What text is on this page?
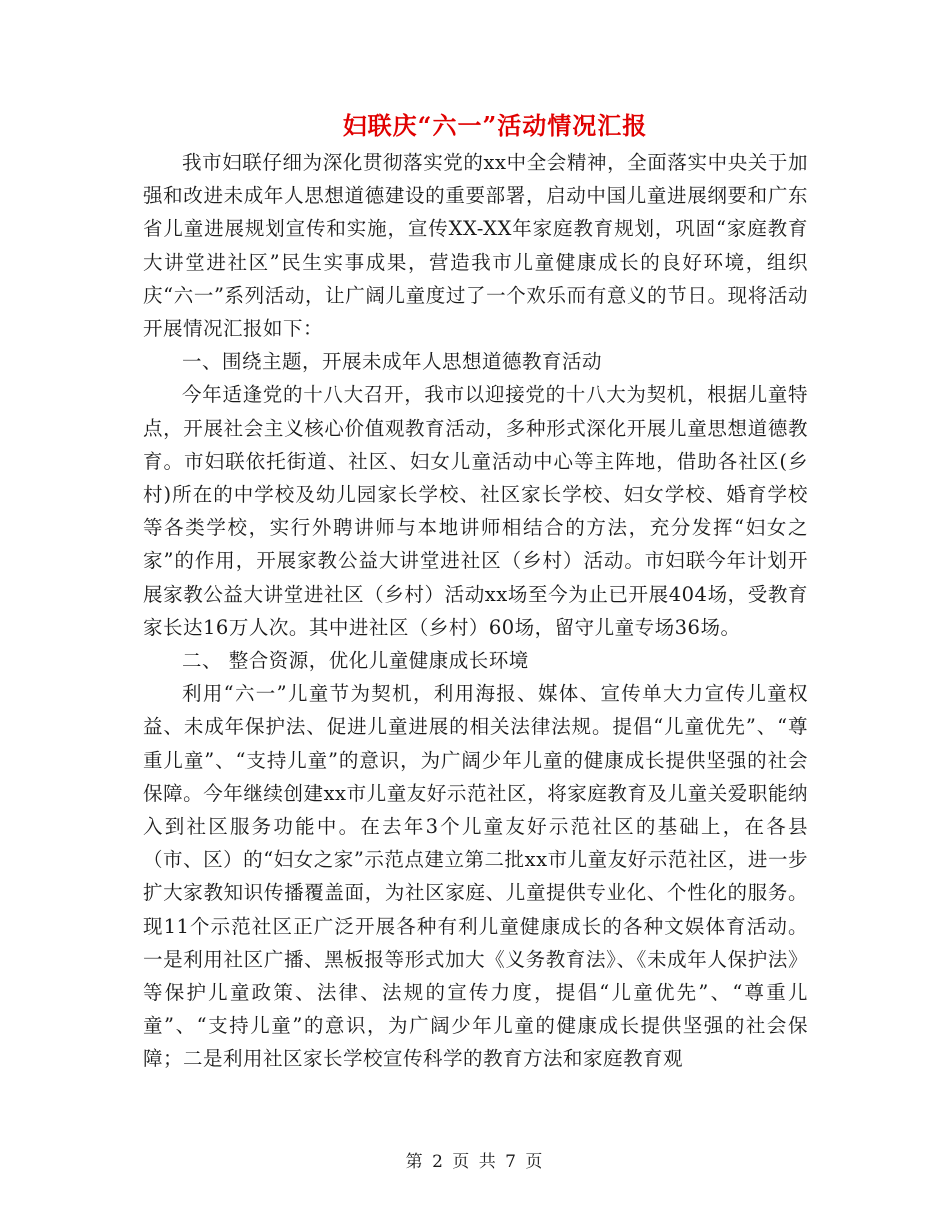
妇联庆“六一”活动情况汇报

我市妇联仔细为深化贯彻落实党的xx中全会精神，全面落实中央关于加强和改进未成年人思想道德建设的重要部署，启动中国儿童进展纲要和广东省儿童进展规划宣传和实施，宣传XX-XX年家庭教育规划，巩固“家庭教育大讲堂进社区”民生实事成果，营造我市儿童健康成长的良好环境，组织庆“六一”系列活动，让广阔儿童度过了一个欢乐而有意义的节日。现将活动开展情况汇报如下：

一、围绕主题，开展未成年人思想道德教育活动

今年适逢党的十八大召开，我市以迎接党的十八大为契机，根据儿童特点，开展社会主义核心价值观教育活动，多种形式深化开展儿童思想道德教育。市妇联依托街道、社区、妇女儿童活动中心等主阵地，借助各社区(乡村)所在的中学校及幼儿园家长学校、社区家长学校、妇女学校、婚育学校等各类学校，实行外聘讲师与本地讲师相结合的方法，充分发挥“妇女之家”的作用，开展家教公益大讲堂进社区（乡村）活动。市妇联今年计划开展家教公益大讲堂进社区（乡村）活动xx场至今为止已开展404场，受教育家长达16万人次。其中进社区（乡村）60场，留守儿童专场36场。

二、 整合资源，优化儿童健康成长环境

利用“六一”儿童节为契机，利用海报、媒体、宣传单大力宣传儿童权益、未成年保护法、促进儿童进展的相关法律法规。提倡“儿童优先”、“尊重儿童”、“支持儿童”的意识，为广阔少年儿童的健康成长提供坚强的社会保障。今年继续创建xx市儿童友好示范社区，将家庭教育及儿童关爱职能纳入到社区服务功能中。在去年3个儿童友好示范社区的基础上，在各县（市、区）的“妇女之家”示范点建立第二批xx市儿童友好示范社区，进一步扩大家教知识传播覆盖面，为社区家庭、儿童提供专业化、个性化的服务。现11个示范社区正广泛开展各种有利儿童健康成长的各种文娱体育活动。一是利用社区广播、黑板报等形式加大《义务教育法》、《未成年人保护法》等保护儿童政策、法律、法规的宣传力度，提倡“儿童优先”、“尊重儿童”、“支持儿童”的意识，为广阔少年儿童的健康成长提供坚强的社会保障；二是利用社区家长学校宣传科学的教育方法和家庭教育观

第 2 页 共 7 页
